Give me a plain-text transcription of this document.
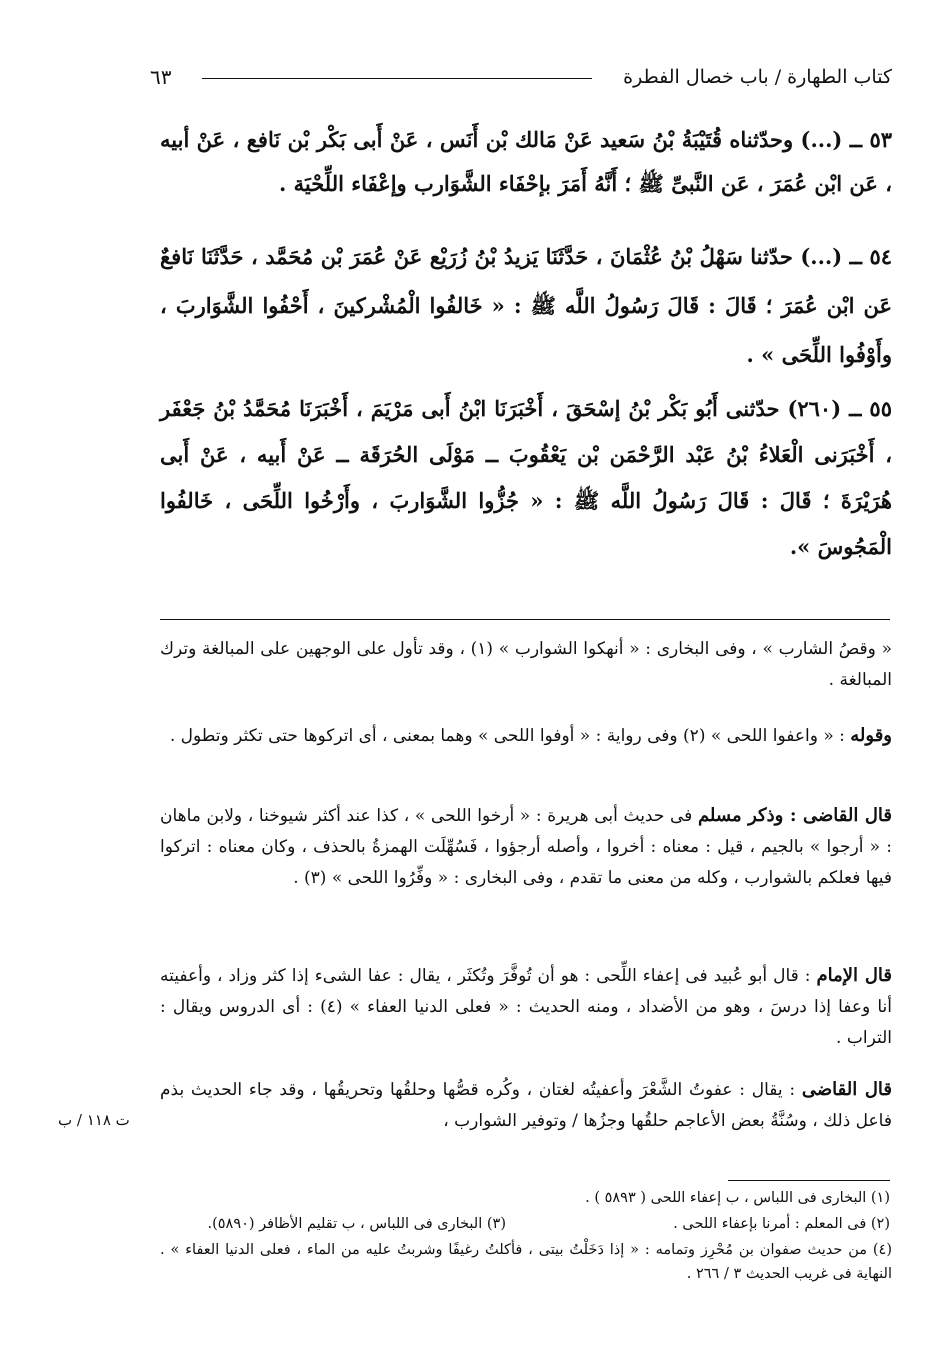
كتاب الطهارة / باب خصال الفطرة
٦٣

٥٣ ــ (...) وحدّثناه قُتَيْبَةُ بْنُ سَعيد عَنْ مَالك بْن أَنَس ، عَنْ أَبى بَكْر بْن نَافع ، عَنْ أبيه ، عَن ابْن عُمَرَ ، عَن النَّبىِّ ﷺ ؛ أَنَّهُ أَمَرَ بإحْفَاء الشَّوَارب وإعْفَاء اللِّحْيَة .

٥٤ ــ (...) حدّثنا سَهْلُ بْنُ عُثْمَانَ ، حَدَّثَنَا يَزيدُ بْنُ زُرَيْع عَنْ عُمَرَ بْن مُحَمَّد ، حَدَّثَنَا نَافعٌ عَن ابْن عُمَرَ ؛ قَالَ : قَالَ رَسُولُ اللَّه ﷺ : « خَالفُوا الْمُشْركينَ ، أَحْفُوا الشَّوَاربَ ، وأَوْفُوا اللِّحَى » .

٥٥ ــ (٢٦٠) حدّثنى أَبُو بَكْر بْنُ إسْحَقَ ، أَخْبَرَنَا ابْنُ أَبى مَرْيَمَ ، أَخْبَرَنَا مُحَمَّدُ بْنُ جَعْفَر ، أَخْبَرَنى الْعَلاءُ بْنُ عَبْد الرَّحْمَن بْن يَعْقُوبَ ــ مَوْلَى الحُرَقَة ــ عَنْ أَبيه ، عَنْ أَبى هُرَيْرَةَ ؛ قَالَ : قَالَ رَسُولُ اللَّه ﷺ : « جُزُّوا الشَّوَاربَ ، وأَرْخُوا اللِّحَى ، خَالفُوا الْمَجُوسَ ».

« وقصُ الشارب » ، وفى البخارى : « أنهكوا الشوارب » (١) ، وقد تأول على الوجهين على المبالغة وترك المبالغة .

وقوله : « واعفوا اللحى » (٢) وفى رواية : « أوفوا اللحى » وهما بمعنى ، أى اتركوها حتى تكثر وتطول .

قال القاضى : وذكر مسلم فى حديث أبى هريرة : « أرخوا اللحى » ، كذا عند أكثر شيوخنا ، ولابن ماهان : « أرجوا » بالجيم ، قيل : معناه : أخروا ، وأصله أرجؤوا ، فَسُهِّلَت الهمزةُ بالحذف ، وكان معناه : اتركوا فيها فعلكم بالشوارب ، وكله من معنى ما تقدم ، وفى البخارى : « وفِّرُوا اللحى » (٣) .

قال الإمام : قال أبو عُبيد فى إعفاء اللِّحى : هو أن تُوفَّرَ وتُكثَر ، يقال : عفا الشىء إذا كثر وزاد ، وأعفيته أنا وعفا إذا درسَ ، وهو من الأضداد ، ومنه الحديث : « فعلى الدنيا العفاء » (٤) : أى الدروس ويقال : التراب .

قال القاضى : يقال : عفوتُ الشَّعْرَ وأعفيتُه لغتان ، وكُره قصُّها وحلقُها وتحريقُها ، وقد جاء الحديث بذم فاعل ذلك ، وسُنَّةُ بعض الأعاجم حلقُها وجزُها / وتوفير الشوارب ،

ت ١١٨ / ب
(١) البخارى فى اللباس ، ب إعفاء اللحى ( ٥٨٩٣ ) .
(٢) فى المعلم : أمرنا بإعفاء اللحى .
(٣) البخارى فى اللباس ، ب تقليم الأظافر (٥٨٩٠).
(٤) من حديث صفوان بن مُحْرِز وتمامه : « إذا دَخَلْتُ بيتى ، فأكلتُ رغيفًا وشربتُ عليه من الماء ، فعلى الدنيا العفاء » . النهاية فى غريب الحديث ٣ / ٢٦٦ .
